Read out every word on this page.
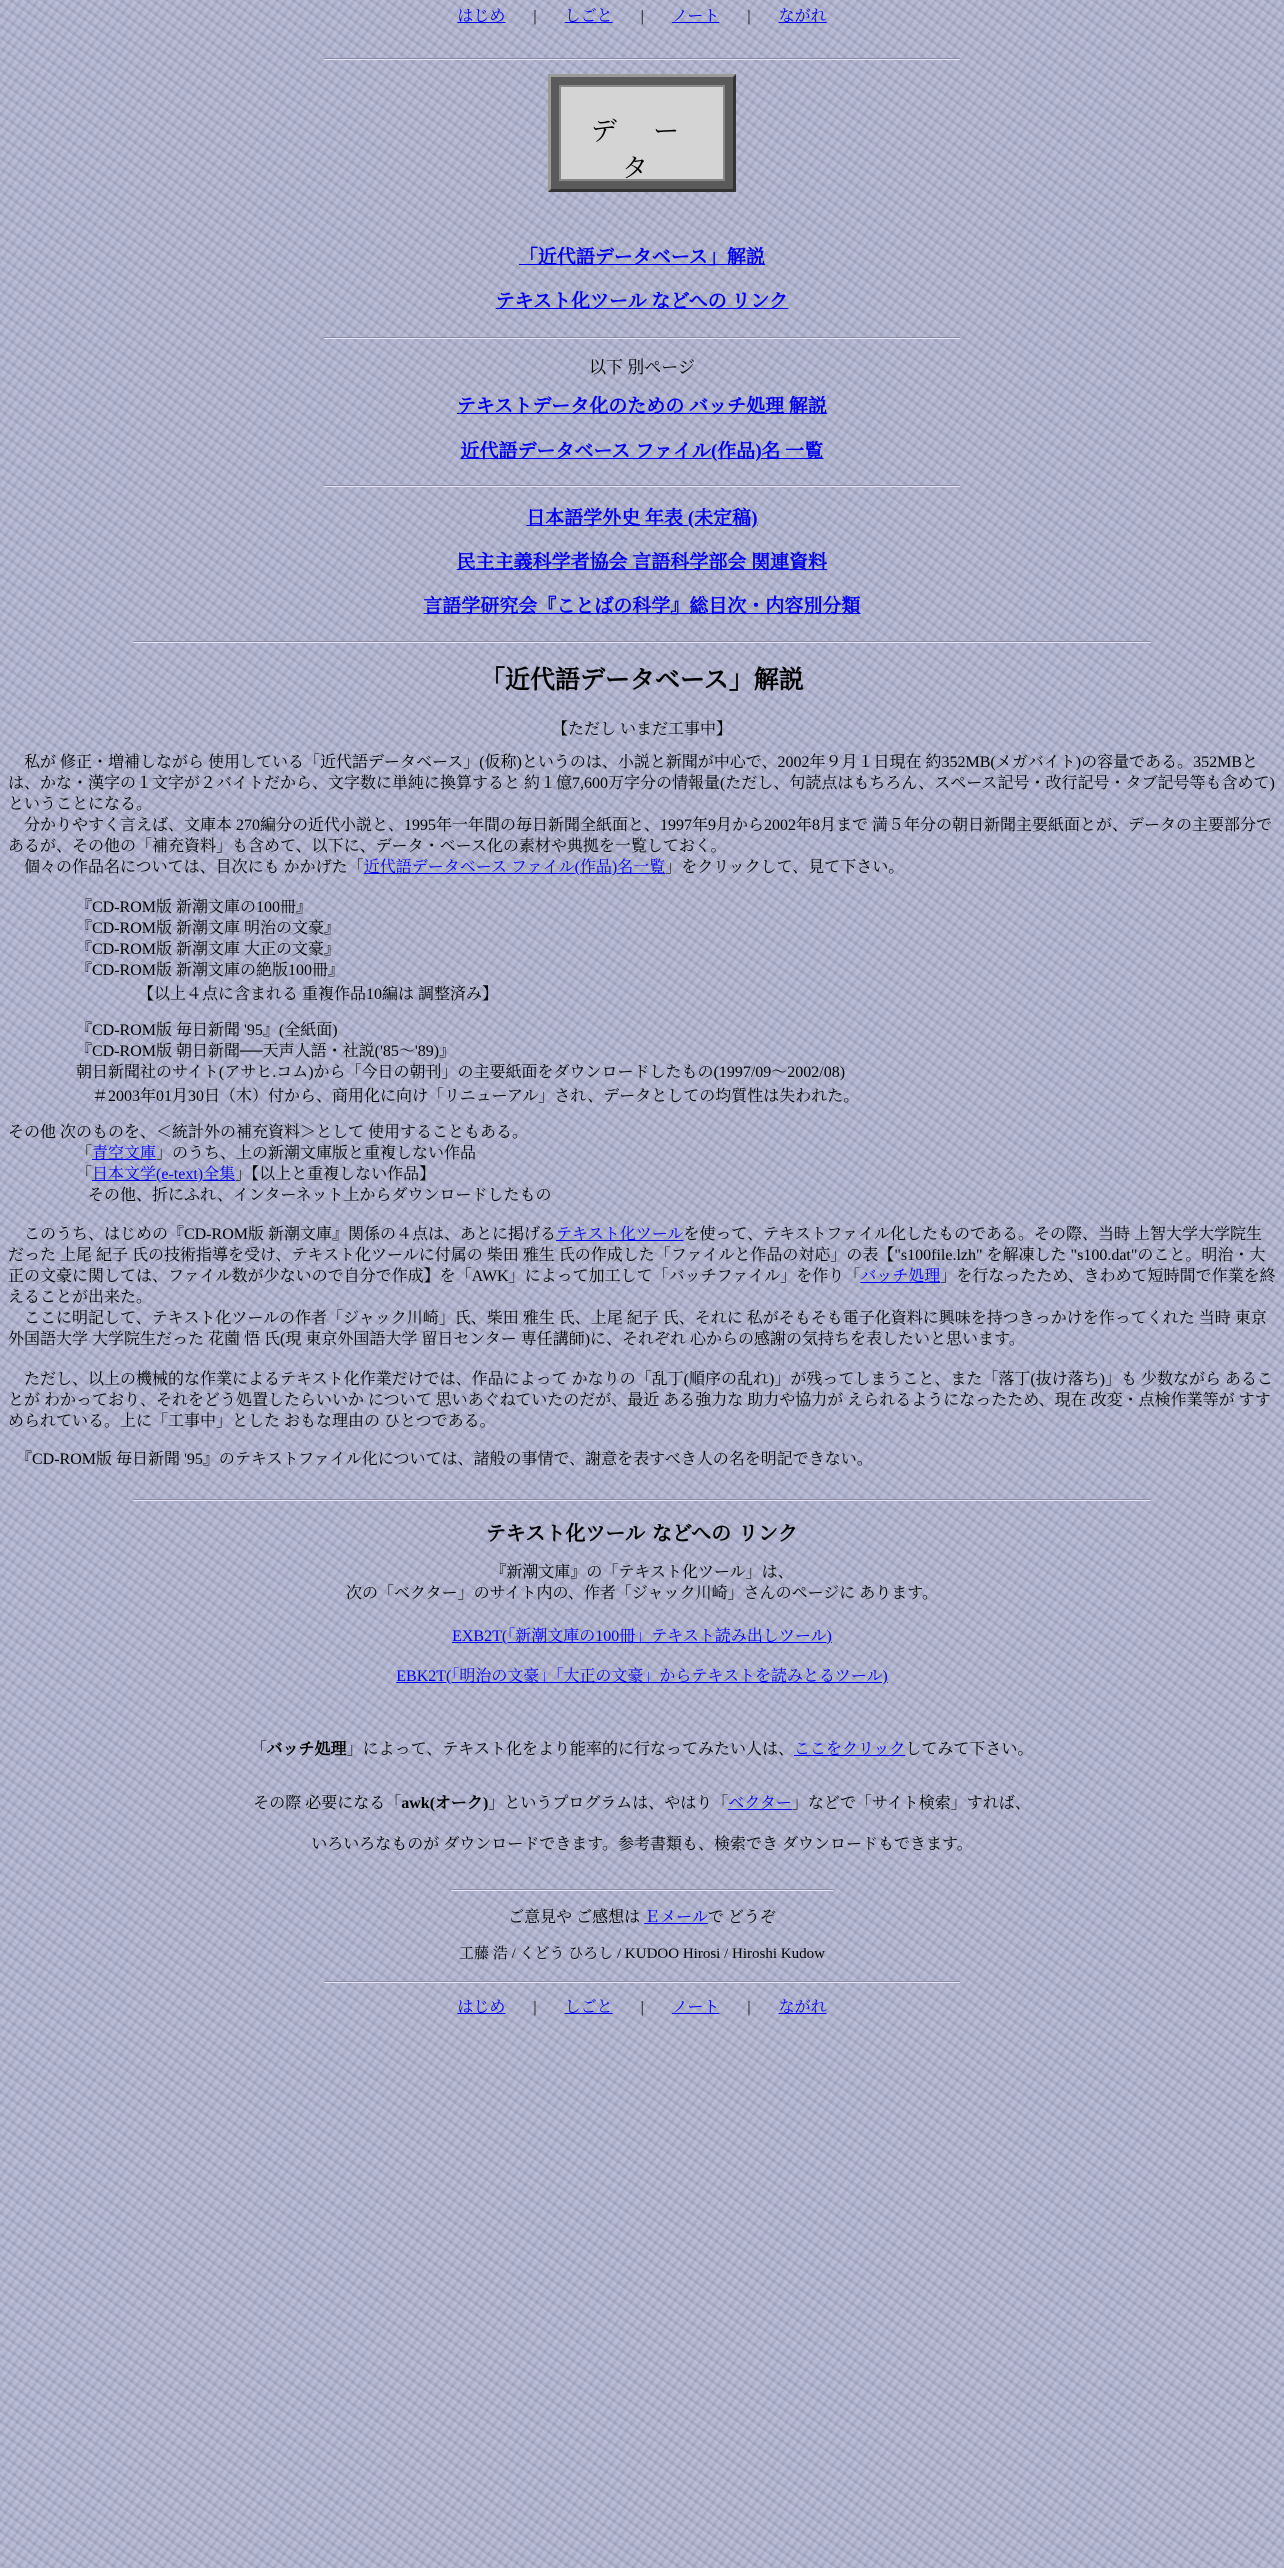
はじめ | しごと | ノート | ながれ
デ ー タ
「近代語データベース」解説
テキスト化ツール などへの リンク
以下 別ページ
テキストデータ化のための バッチ処理 解説
近代語データベース ファイル(作品)名 一覧
日本語学外史 年表 (未定稿)
民主主義科学者協会 言語科学部会 関連資料
言語学研究会『ことばの科学』総目次・内容別分類
「近代語データベース」解説
【ただし いまだ工事中】
　私が 修正・増補しながら 使用している「近代語データベース」(仮称)というのは、小説と新聞が中心で、2002年９月１日現在 約352MB(メガバイト)の容量である。352MBとは、かな・漢字の１文字が２バイトだから、文字数に単純に換算すると 約１億7,600万字分の情報量(ただし、句読点はもちろん、スペース記号・改行記号・タブ記号等も含めて)ということになる。
　分かりやすく言えば、文庫本 270編分の近代小説と、1995年一年間の毎日新聞全紙面と、1997年9月から2002年8月まで 満５年分の朝日新聞主要紙面とが、データの主要部分であるが、その他の「補充資料」も含めて、以下に、データ・ベース化の素材や典拠を一覧しておく。
　個々の作品名については、目次にも かかげた「近代語データベース ファイル(作品)名一覧」をクリックして、見て下さい。
『CD-ROM版 新潮文庫の100冊』
『CD-ROM版 新潮文庫 明治の文豪』
『CD-ROM版 新潮文庫 大正の文豪』
『CD-ROM版 新潮文庫の絶版100冊』
【以上４点に含まれる 重複作品10編は 調整済み】
『CD-ROM版 毎日新聞 '95』(全紙面)
『CD-ROM版 朝日新聞──天声人語・社説('85～'89)』
朝日新聞社のサイト(アサヒ.コム)から「今日の朝刊」の主要紙面をダウンロードしたもの(1997/09～2002/08)
＃2003年01月30日（木）付から、商用化に向け「リニューアル」され、データとしての均質性は失われた。
その他 次のものを、＜統計外の補充資料＞として 使用することもある。
「青空文庫」のうち、上の新潮文庫版と重複しない作品
「日本文学(e-text)全集」【以上と重複しない作品】
その他、折にふれ、インターネット上からダウンロードしたもの
　このうち、はじめの『CD-ROM版 新潮文庫』関係の４点は、あとに掲げるテキスト化ツールを使って、テキストファイル化したものである。その際、当時 上智大学大学院生だった 上尾 紀子 氏の技術指導を受け、テキスト化ツールに付属の 柴田 雅生 氏の作成した「ファイルと作品の対応」の表【"s100file.lzh" を解凍した "s100.dat"のこと。明治・大正の文豪に関しては、ファイル数が少ないので自分で作成】を「AWK」によって加工して「バッチファイル」を作り「バッチ処理」を行なったため、きわめて短時間で作業を終えることが出来た。
　ここに明記して、テキスト化ツールの作者「ジャック川崎」氏、柴田 雅生 氏、上尾 紀子 氏、それに 私がそもそも電子化資料に興味を持つきっかけを作ってくれた 当時 東京外国語大学 大学院生だった 花薗 悟 氏(現 東京外国語大学 留日センター 専任講師)に、それぞれ 心からの感謝の気持ちを表したいと思います。
　ただし、以上の機械的な作業によるテキスト化作業だけでは、作品によって かなりの「乱丁(順序の乱れ)」が残ってしまうこと、また「落丁(抜け落ち)」も 少数ながら あることが わかっており、それをどう処置したらいいか について 思いあぐねていたのだが、最近 ある強力な 助力や協力が えられるようになったため、現在 改変・点検作業等が すすめられている。上に「工事中」とした おもな理由の ひとつである。
　『CD-ROM版 毎日新聞 '95』のテキストファイル化については、諸般の事情で、謝意を表すべき人の名を明記できない。
テキスト化ツール などへの リンク
『新潮文庫』の「テキスト化ツール」は、
次の「ベクター」のサイト内の、作者「ジャック川崎」さんのページに あります。
EXB2T(「新潮文庫の100冊」テキスト読み出しツール)
EBK2T(「明治の文豪」「大正の文豪」からテキストを読みとるツール)
「バッチ処理」によって、テキスト化をより能率的に行なってみたい人は、ここをクリックしてみて下さい。
その際 必要になる「awk(オーク)」というプログラムは、やはり「ベクター」などで「サイト検索」すれば、
いろいろなものが ダウンロードできます。参考書類も、検索でき ダウンロードもできます。
ご意見や ご感想は Ｅメールで どうぞ
工藤 浩 / くどう ひろし / KUDOO Hirosi / Hiroshi Kudow
はじめ | しごと | ノート | ながれ
